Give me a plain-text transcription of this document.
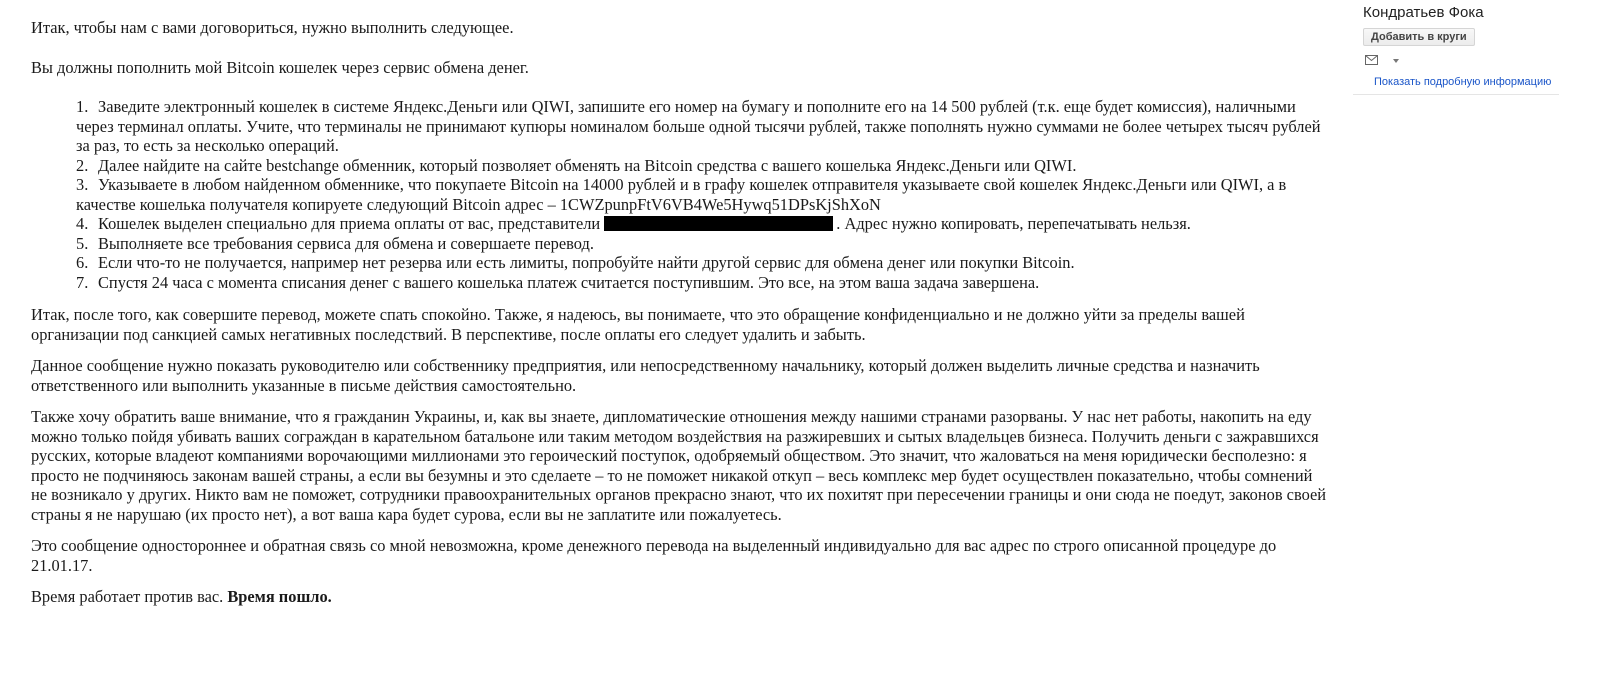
Итак, чтобы нам с вами договориться, нужно выполнить следующее.

Вы должны пополнить мой Bitcoin кошелек через сервис обмена денег.

1. Заведите электронный кошелек в системе Яндекс.Деньги или QIWI, запишите его номер на бумагу и пополните его на 14 500 рублей (т.к. еще будет комиссия), наличными через терминал оплаты. Учите, что терминалы не принимают купюры номиналом больше одной тысячи рублей, также пополнять нужно суммами не более четырех тысяч рублей за раз, то есть за несколько операций.
2. Далее найдите на сайте bestchange обменник, который позволяет обменять на Bitcoin средства с вашего кошелька Яндекс.Деньги или QIWI.
3. Указываете в любом найденном обменнике, что покупаете Bitcoin на 14000 рублей и в графу кошелек отправителя указываете свой кошелек Яндекс.Деньги или QIWI, а в качестве кошелька получателя копируете следующий Bitcoin адрес – 1CWZpunpFtV6VB4We5Hywq51DPsKjShXoN
4. Кошелек выделен специально для приема оплаты от вас, представители	. Адрес нужно копировать, перепечатывать нельзя.
5. Выполняете все требования сервиса для обмена и совершаете перевод.
6. Если что-то не получается, например нет резерва или есть лимиты, попробуйте найти другой сервис для обмена денег или покупки Bitcoin.
7. Спустя 24 часа с момента списания денег с вашего кошелька платеж считается поступившим. Это все, на этом ваша задача завершена.

Итак, после того, как совершите перевод, можете спать спокойно. Также, я надеюсь, вы понимаете, что это обращение конфиденциально и не должно уйти за пределы вашей организации под санкцией самых негативных последствий. В перспективе, после оплаты его следует удалить и забыть.

Данное сообщение нужно показать руководителю или собственнику предприятия, или непосредственному начальнику, который должен выделить личные средства и назначить ответственного или выполнить указанные в письме действия самостоятельно.

Также хочу обратить ваше внимание, что я гражданин Украины, и, как вы знаете, дипломатические отношения между нашими странами разорваны. У нас нет работы, накопить на еду можно только пойдя убивать ваших сограждан в карательном батальоне или таким методом воздействия на разжиревших и сытых владельцев бизнеса. Получить деньги с зажравшихся русских, которые владеют компаниями ворочающими миллионами это героический поступок, одобряемый обществом. Это значит, что жаловаться на меня юридически бесполезно: я просто не подчиняюсь законам вашей страны, а если вы безумны и это сделаете – то не поможет никакой откуп – весь комплекс мер будет осуществлен показательно, чтобы сомнений не возникало у других. Никто вам не поможет, сотрудники правоохранительных органов прекрасно знают, что их похитят при пересечении границы и они сюда не поедут, законов своей страны я не нарушаю (их просто нет), а вот ваша кара будет сурова, если вы не заплатите или пожалуетесь.

Это сообщение одностороннее и обратная связь со мной невозможна, кроме денежного перевода на выделенный индивидуально для вас адрес по строго описанной процедуре до 21.01.17.

Время работает против вас. Время пошло.

Кондратьев Фока
Добавить в круги
Показать подробную информацию
